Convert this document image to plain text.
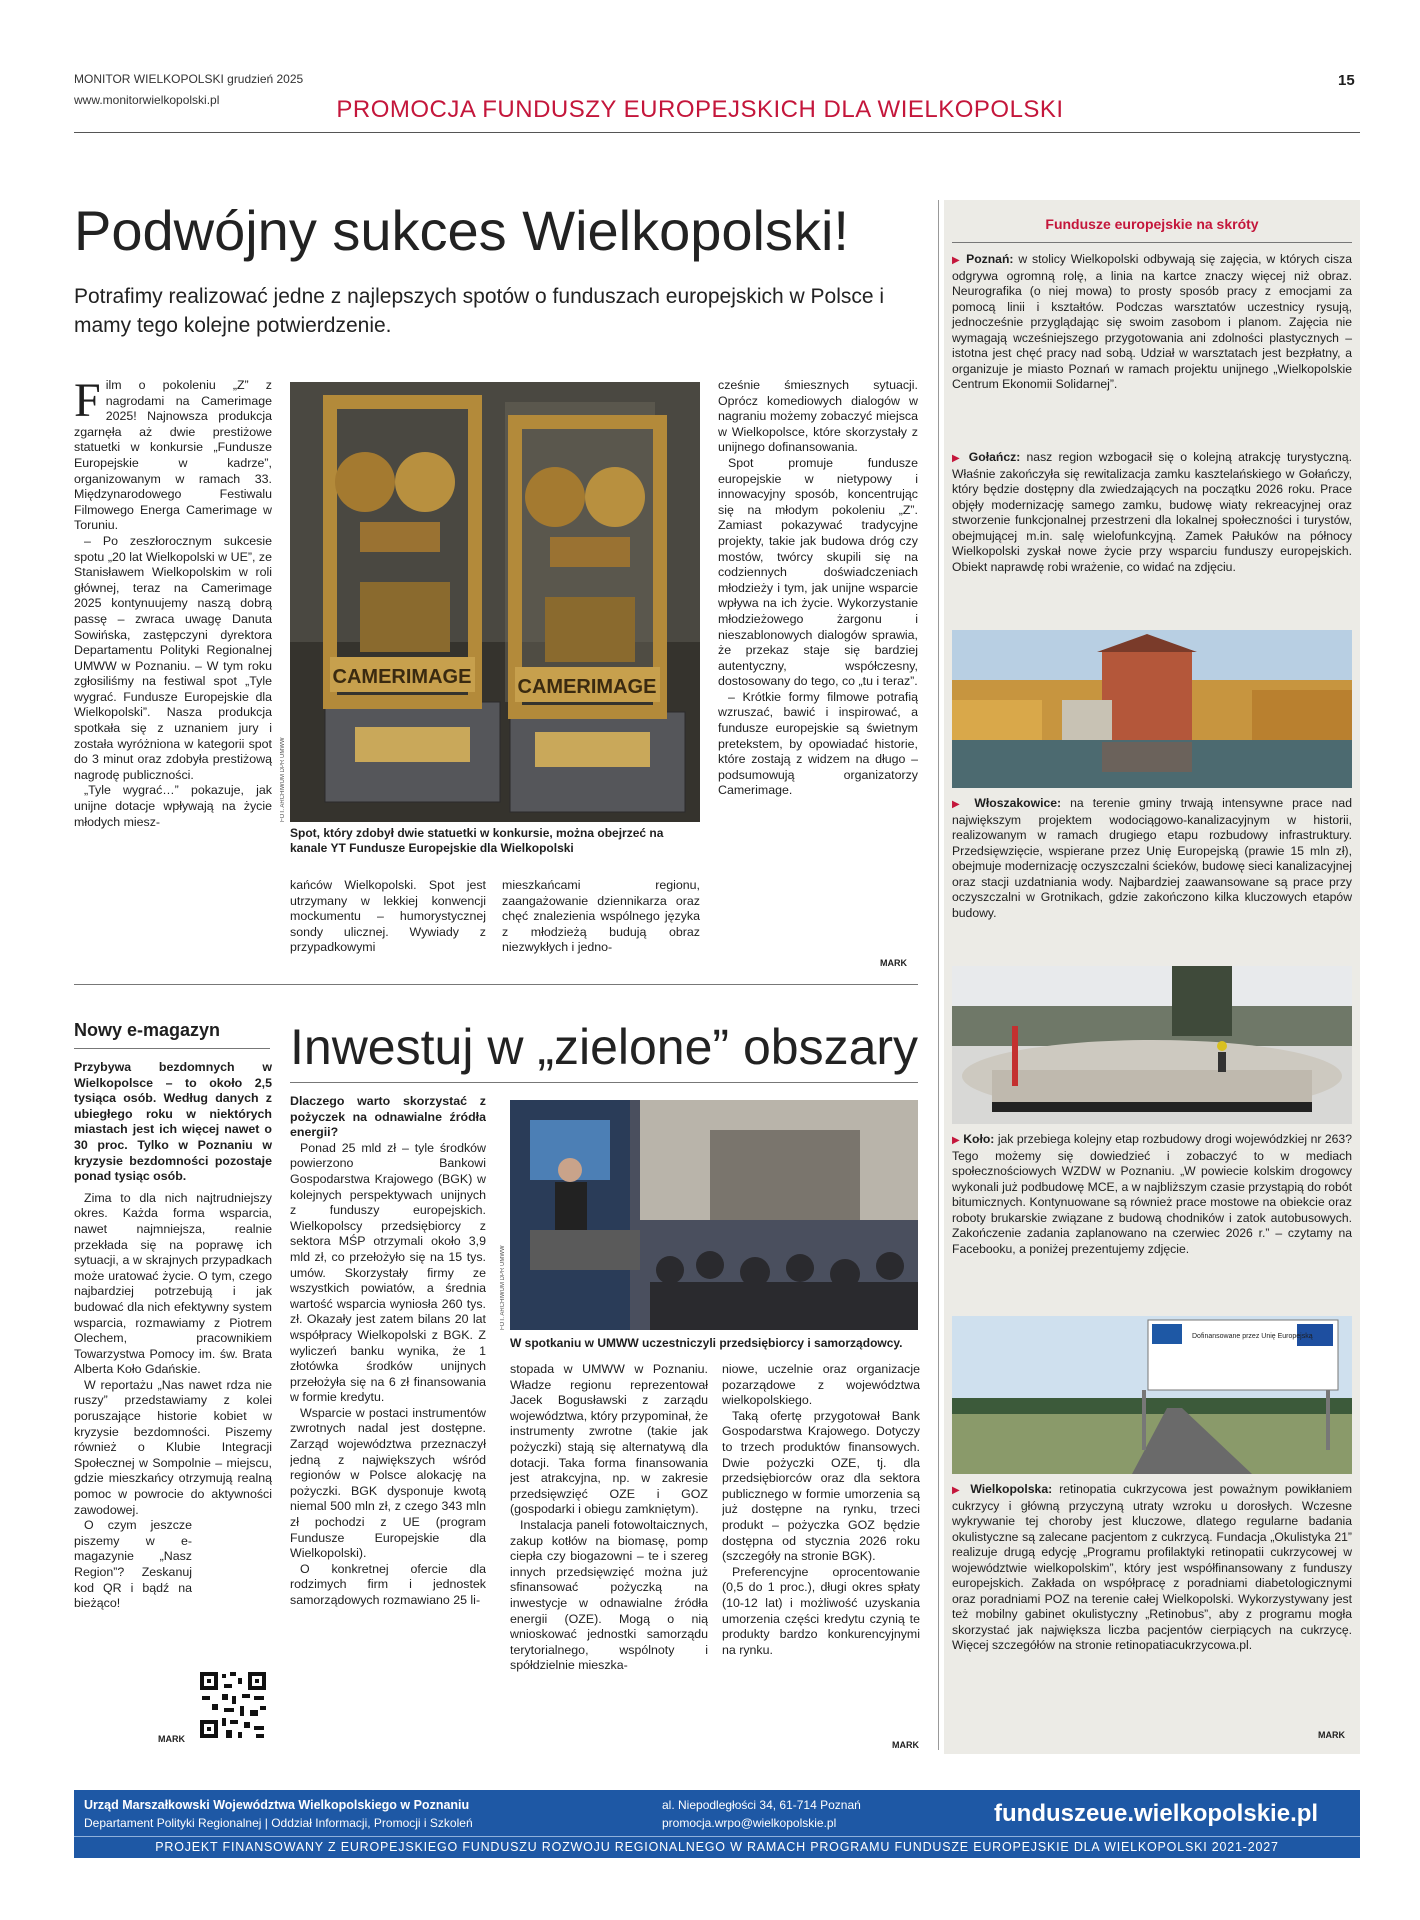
MONITOR WIELKOPOLSKI grudzień 2025
www.monitorwielkopolski.pl
15
PROMOCJA FUNDUSZY EUROPEJSKICH DLA WIELKOPOLSKI
Podwójny sukces Wielkopolski!
Potrafimy realizować jedne z najlepszych spotów o funduszach europejskich w Polsce i mamy tego kolejne potwierdzenie.

Film o pokoleniu „Z” z nagrodami na Camerimage 2025! Najnowsza produkcja zgarnęła aż dwie prestiżowe statuetki w konkursie „Fundusze Europejskie w kadrze”, organizowanym w ramach 33. Międzynarodowego Festiwalu Filmowego Energa Camerimage w Toruniu.

– Po zeszłorocznym sukcesie spotu „20 lat Wielkopolski w UE”, ze Stanisławem Wielkopolskim w roli głównej, teraz na Camerimage 2025 kontynuujemy naszą dobrą passę – zwraca uwagę Danuta Sowińska, zastępczyni dyrektora Departamentu Polityki Regionalnej UMWW w Poznaniu. – W tym roku zgłosiliśmy na festiwal spot „Tyle wygrać. Fundusze Europejskie dla Wielkopolski”. Nasza produkcja spotkała się z uznaniem jury i została wyróżniona w kategorii spot do 3 minut oraz zdobyła prestiżową nagrodę publiczności.

„Tyle wygrać…” pokazuje, jak unijne dotacje wpływają na życie młodych miesz-

CAMERIMAGE CAMERIMAGE
FOT. ARCHIWUM DPR UMWW
Spot, który zdobył dwie statuetki w konkursie, można obejrzeć na kanale YT Fundusze Europejskie dla Wielkopolski

kańców Wielkopolski. Spot jest utrzymany w lekkiej konwencji mockumentu – humorystycznej sondy ulicznej. Wywiady z przypadkowymi

mieszkańcami regionu, zaangażowanie dziennikarza oraz chęć znalezienia wspólnego języka z młodzieżą budują obraz niezwykłych i jedno-

cześnie śmiesznych sytuacji. Oprócz komediowych dialogów w nagraniu możemy zobaczyć miejsca w Wielkopolsce, które skorzystały z unijnego dofinansowania.

Spot promuje fundusze europejskie w nietypowy i innowacyjny sposób, koncentrując się na młodym pokoleniu „Z”. Zamiast pokazywać tradycyjne projekty, takie jak budowa dróg czy mostów, twórcy skupili się na codziennych doświadczeniach młodzieży i tym, jak unijne wsparcie wpływa na ich życie. Wykorzystanie młodzieżowego żargonu i nieszablonowych dialogów sprawia, że przekaz staje się bardziej autentyczny, współczesny, dostosowany do tego, co „tu i teraz”.

– Krótkie formy filmowe potrafią wzruszać, bawić i inspirować, a fundusze europejskie są świetnym pretekstem, by opowiadać historie, które zostają z widzem na długo – podsumowują organizatorzy Camerimage.

MARK
Nowy e-magazyn

Przybywa bezdomnych w Wielkopolsce – to około 2,5 tysiąca osób. Według danych z ubiegłego roku w niektórych miastach jest ich więcej nawet o 30 proc. Tylko w Poznaniu w kryzysie bezdomności pozostaje ponad tysiąc osób.

Zima to dla nich najtrudniejszy okres. Każda forma wsparcia, nawet najmniejsza, realnie przekłada się na poprawę ich sytuacji, a w skrajnych przypadkach może uratować życie. O tym, czego najbardziej potrzebują i jak budować dla nich efektywny system wsparcia, rozmawiamy z Piotrem Olechem, pracownikiem Towarzystwa Pomocy im. św. Brata Alberta Koło Gdańskie.

W reportażu „Nas nawet rdza nie ruszy” przedstawiamy z kolei poruszające historie kobiet w kryzysie bezdomności. Piszemy również o Klubie Integracji Społecznej w Sompolnie – miejscu, gdzie mieszkańcy otrzymują realną pomoc w powrocie do aktywności zawodowej.

O czym jeszcze piszemy w e-magazynie „Nasz Region”? Zeskanuj kod QR i bądź na bieżąco!

MARK
Inwestuj w „zielone” obszary

Dlaczego warto skorzystać z pożyczek na odnawialne źródła energii?

Ponad 25 mld zł – tyle środków powierzono Bankowi Gospodarstwa Krajowego (BGK) w kolejnych perspektywach unijnych z funduszy europejskich. Wielkopolscy przedsiębiorcy z sektora MŚP otrzymali około 3,9 mld zł, co przełożyło się na 15 tys. umów. Skorzystały firmy ze wszystkich powiatów, a średnia wartość wsparcia wyniosła 260 tys. zł. Okazały jest zatem bilans 20 lat współpracy Wielkopolski z BGK. Z wyliczeń banku wynika, że 1 złotówka środków unijnych przełożyła się na 6 zł finansowania w formie kredytu.

Wsparcie w postaci instrumentów zwrotnych nadal jest dostępne. Zarząd województwa przeznaczył jedną z największych wśród regionów w Polsce alokację na pożyczki. BGK dysponuje kwotą niemal 500 mln zł, z czego 343 mln zł pochodzi z UE (program Fundusze Europejskie dla Wielkopolski).

O konkretnej ofercie dla rodzimych firm i jednostek samorządowych rozmawiano 25 li-

FOT. ARCHIWUM DPR UMWW
W spotkaniu w UMWW uczestniczyli przedsiębiorcy i samorządowcy.

stopada w UMWW w Poznaniu. Władze regionu reprezentował Jacek Bogusławski z zarządu województwa, który przypominał, że instrumenty zwrotne (takie jak pożyczki) stają się alternatywą dla dotacji. Taka forma finansowania jest atrakcyjna, np. w zakresie przedsięwzięć OZE i GOZ (gospodarki i obiegu zamkniętym).

Instalacja paneli fotowoltaicznych, zakup kotłów na biomasę, pomp ciepła czy biogazowni – te i szereg innych przedsięwzięć można już sfinansować pożyczką na inwestycje w odnawialne źródła energii (OZE). Mogą o nią wnioskować jednostki samorządu terytorialnego, wspólnoty i spółdzielnie mieszka-

niowe, uczelnie oraz organizacje pozarządowe z województwa wielkopolskiego.

Taką ofertę przygotował Bank Gospodarstwa Krajowego. Dotyczy to trzech produktów finansowych. Dwie pożyczki OZE, tj. dla przedsiębiorców oraz dla sektora publicznego w formie umorzenia są już dostępne na rynku, trzeci produkt – pożyczka GOZ będzie dostępna od stycznia 2026 roku (szczegóły na stronie BGK).

Preferencyjne oprocentowanie (0,5 do 1 proc.), długi okres spłaty (10-12 lat) i możliwość uzyskania umorzenia części kredytu czynią te produkty bardzo konkurencyjnymi na rynku.

MARK
Fundusze europejskie na skróty

▶ Poznań: w stolicy Wielkopolski odbywają się zajęcia, w których cisza odgrywa ogromną rolę, a linia na kartce znaczy więcej niż obraz. Neurografika (o niej mowa) to prosty sposób pracy z emocjami za pomocą linii i kształtów. Podczas warsztatów uczestnicy rysują, jednocześnie przyglądając się swoim zasobom i planom. Zajęcia nie wymagają wcześniejszego przygotowania ani zdolności plastycznych – istotna jest chęć pracy nad sobą. Udział w warsztatach jest bezpłatny, a organizuje je miasto Poznań w ramach projektu unijnego „Wielkopolskie Centrum Ekonomii Solidarnej”.

▶ Gołańcz: nasz region wzbogacił się o kolejną atrakcję turystyczną. Właśnie zakończyła się rewitalizacja zamku kasztelańskiego w Gołańczy, który będzie dostępny dla zwiedzających na początku 2026 roku. Prace objęły modernizację samego zamku, budowę wiaty rekreacyjnej oraz stworzenie funkcjonalnej przestrzeni dla lokalnej społeczności i turystów, obejmującej m.in. salę wielofunkcyjną. Zamek Pałuków na północy Wielkopolski zyskał nowe życie przy wsparciu funduszy europejskich. Obiekt naprawdę robi wrażenie, co widać na zdjęciu.

▶ Włoszakowice: na terenie gminy trwają intensywne prace nad największym projektem wodociągowo-kanalizacyjnym w historii, realizowanym w ramach drugiego etapu rozbudowy infrastruktury. Przedsięwzięcie, wspierane przez Unię Europejską (prawie 15 mln zł), obejmuje modernizację oczyszczalni ścieków, budowę sieci kanalizacyjnej oraz stacji uzdatniania wody. Najbardziej zaawansowane są prace przy oczyszczalni w Grotnikach, gdzie zakończono kilka kluczowych etapów budowy.

▶ Koło: jak przebiega kolejny etap rozbudowy drogi wojewódzkiej nr 263? Tego możemy się dowiedzieć i zobaczyć to w mediach społecznościowych WZDW w Poznaniu. „W powiecie kolskim drogowcy wykonali już podbudowę MCE, a w najbliższym czasie przystąpią do robót bitumicznych. Kontynuowane są również prace mostowe na obiekcie oraz roboty brukarskie związane z budową chodników i zatok autobusowych. Zakończenie zadania zaplanowano na czerwiec 2026 r.” – czytamy na Facebooku, a poniżej prezentujemy zdjęcie.

Dofinansowane przez Unię Europejską

▶ Wielkopolska: retinopatia cukrzycowa jest poważnym powikłaniem cukrzycy i główną przyczyną utraty wzroku u dorosłych. Wczesne wykrywanie tej choroby jest kluczowe, dlatego regularne badania okulistyczne są zalecane pacjentom z cukrzycą. Fundacja „Okulistyka 21” realizuje drugą edycję „Programu profilaktyki retinopatii cukrzycowej w województwie wielkopolskim”, który jest współfinansowany z funduszy europejskich. Zakłada on współpracę z poradniami diabetologicznymi oraz poradniami POZ na terenie całej Wielkopolski. Wykorzystywany jest też mobilny gabinet okulistyczny „Retinobus”, aby z programu mogła skorzystać jak największa liczba pacjentów cierpiących na cukrzycę. Więcej szczegółów na stronie retinopatiacukrzycowa.pl.

MARK
Urząd Marszałkowski Województwa Wielkopolskiego w Poznaniu
Departament Polityki Regionalnej | Oddział Informacji, Promocji i Szkoleń
al. Niepodległości 34, 61-714 Poznań
promocja.wrpo@wielkopolskie.pl	funduszeue.wielkopolskie.pl
PROJEKT FINANSOWANY Z EUROPEJSKIEGO FUNDUSZU ROZWOJU REGIONALNEGO W RAMACH PROGRAMU FUNDUSZE EUROPEJSKIE DLA WIELKOPOLSKI 2021-2027
